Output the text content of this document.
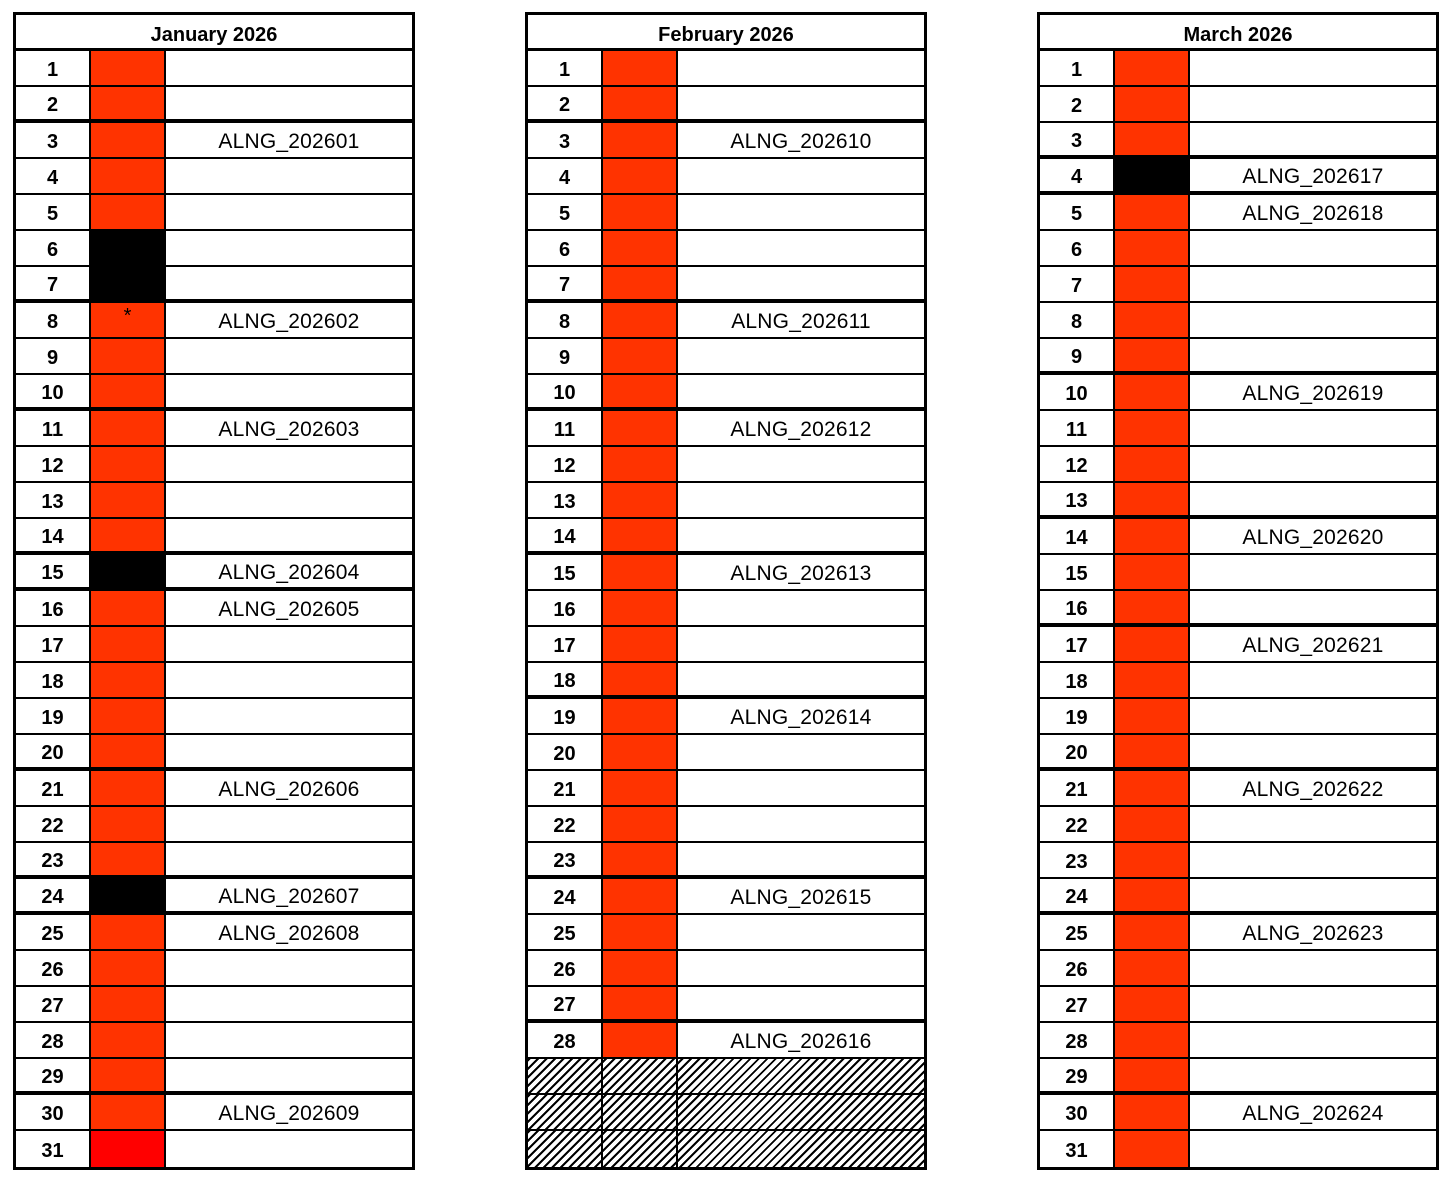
January 2026
1
2
3	ALNG_202601
4
5
6
7
8	*	ALNG_202602
9
10
11	ALNG_202603
12
13
14
15	ALNG_202604
16	ALNG_202605
17
18
19
20
21	ALNG_202606
22
23
24	ALNG_202607
25	ALNG_202608
26
27
28
29
30	ALNG_202609
31
February 2026
1
2
3	ALNG_202610
4
5
6
7
8	ALNG_202611
9
10
11	ALNG_202612
12
13
14
15	ALNG_202613
16
17
18
19	ALNG_202614
20
21
22
23
24	ALNG_202615
25
26
27
28	ALNG_202616
March 2026
1
2
3
4	ALNG_202617
5	ALNG_202618
6
7
8
9
10	ALNG_202619
11
12
13
14	ALNG_202620
15
16
17	ALNG_202621
18
19
20
21	ALNG_202622
22
23
24
25	ALNG_202623
26
27
28
29
30	ALNG_202624
31
